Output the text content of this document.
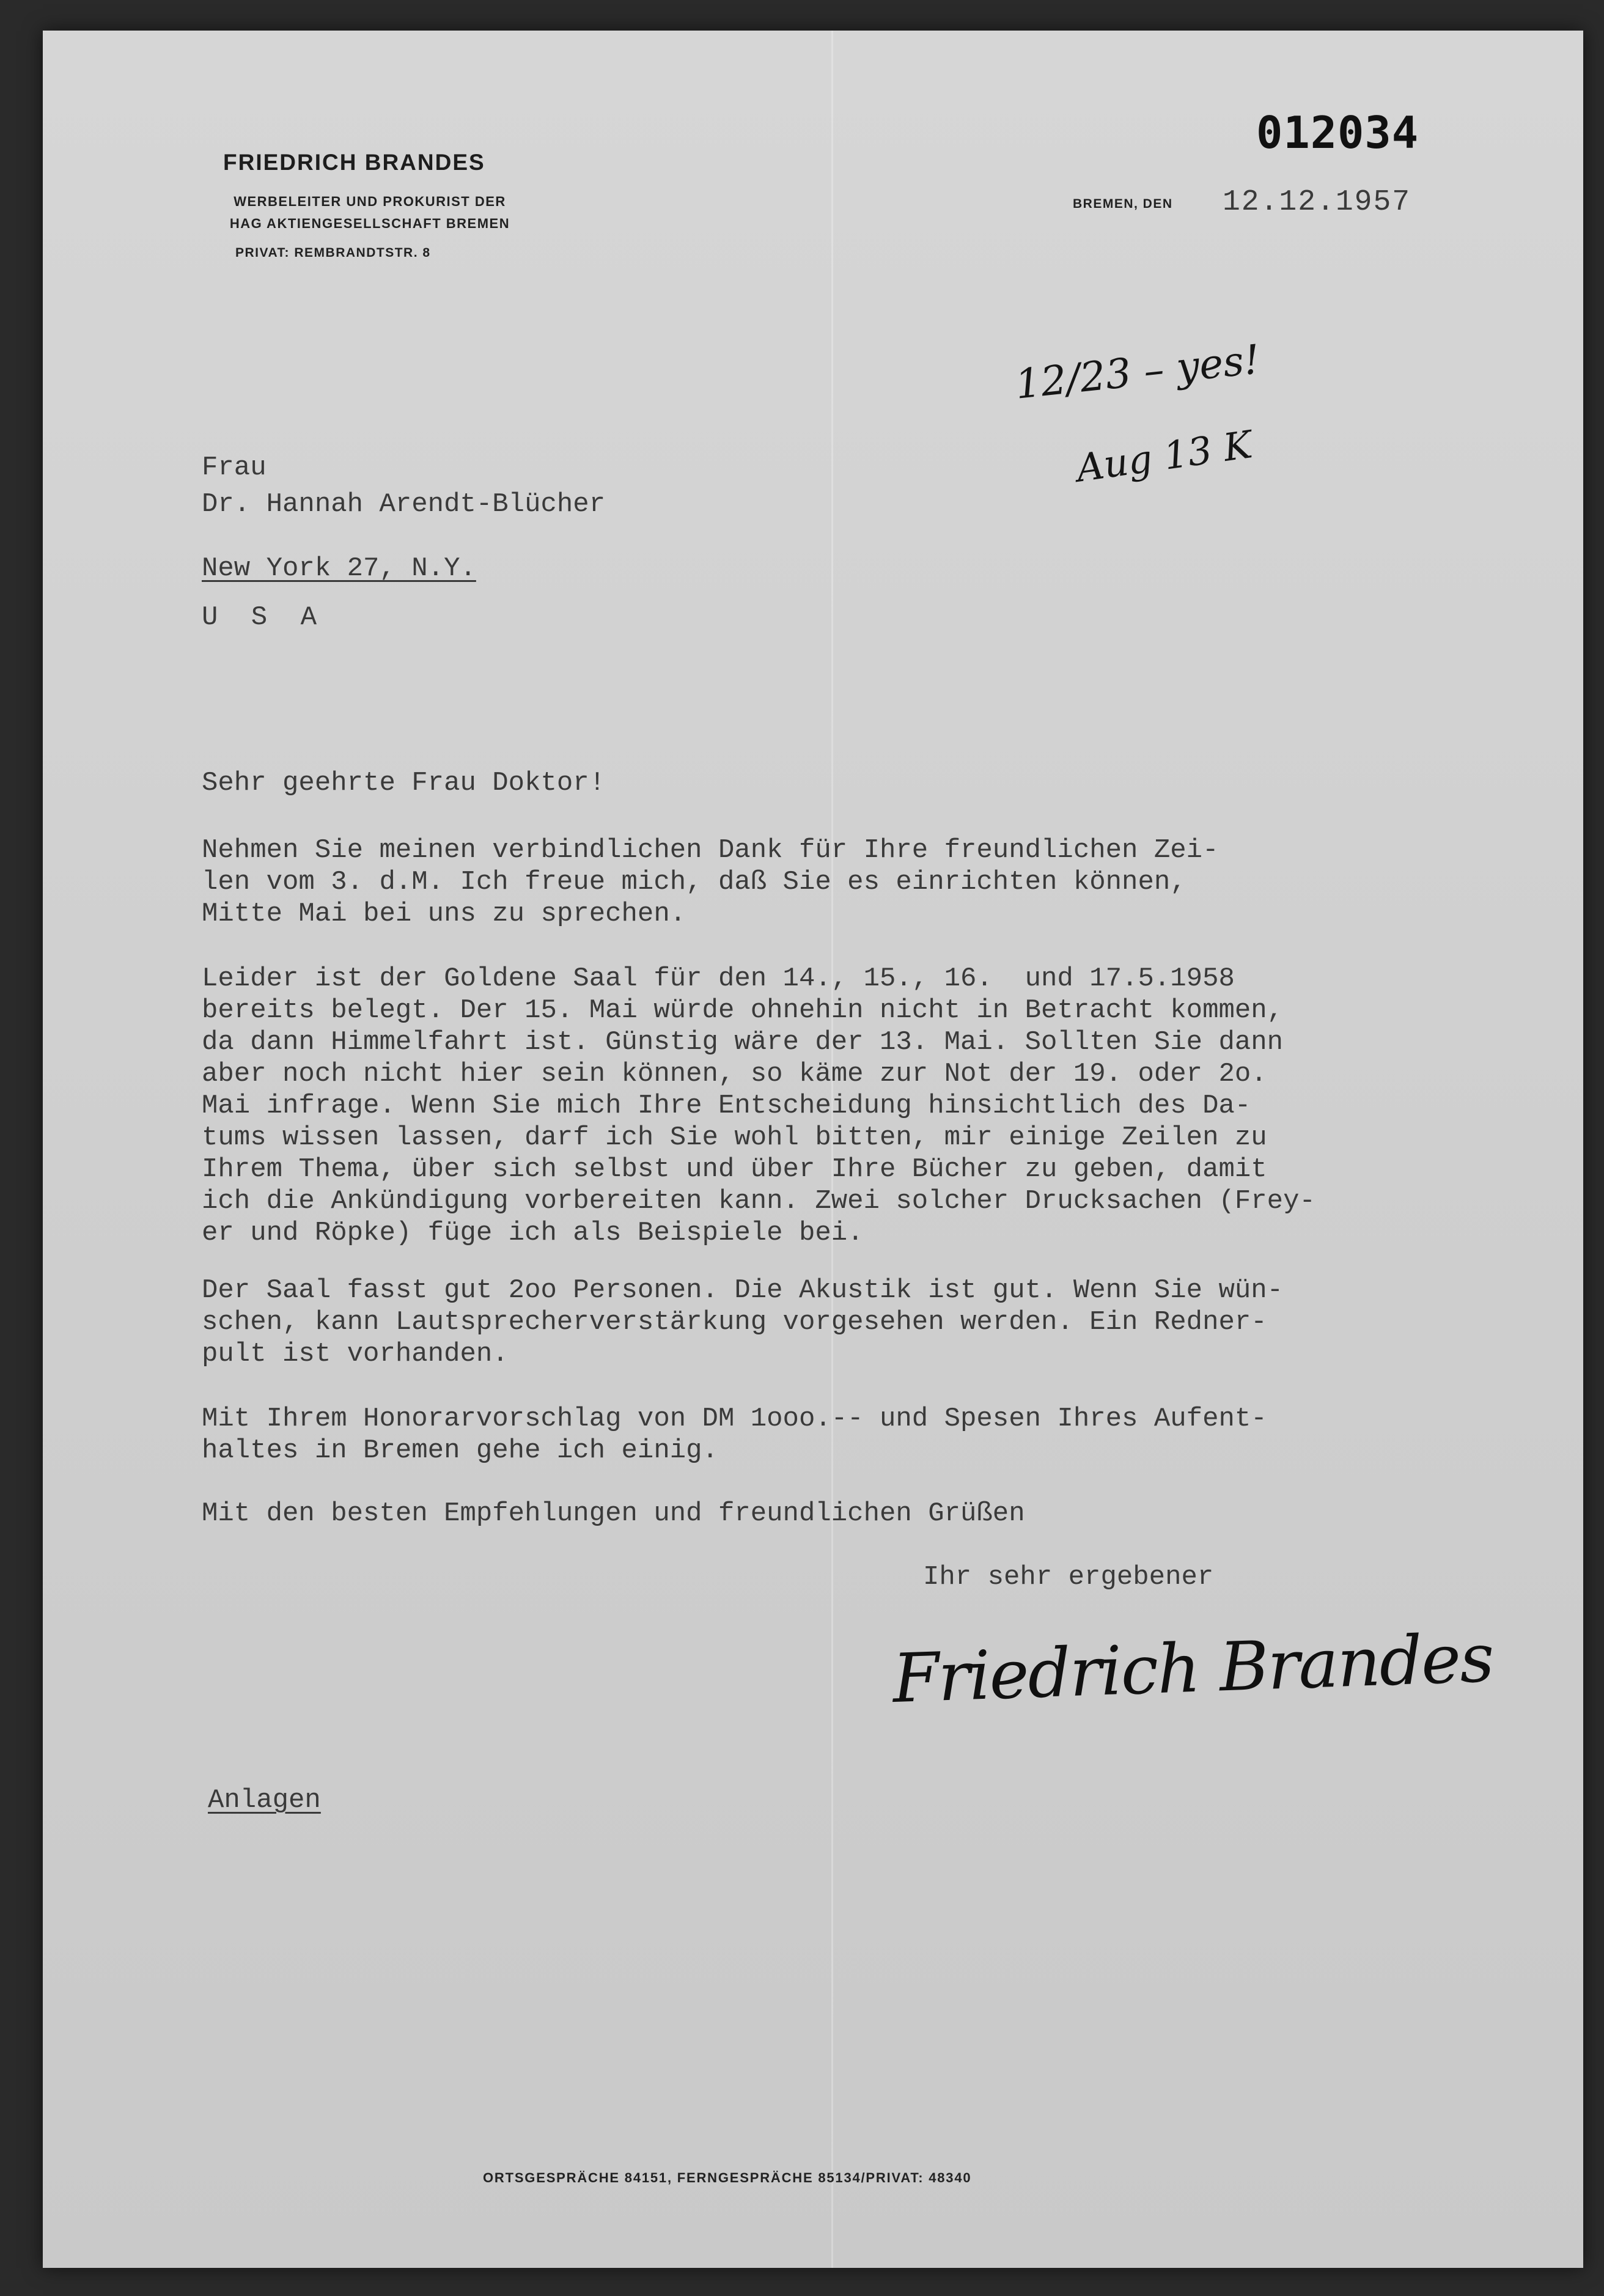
FRIEDRICH BRANDES
WERBELEITER UND PROKURIST DER
HAG AKTIENGESELLSCHAFT BREMEN
PRIVAT: REMBRANDTSTR. 8
012034
BREMEN, DEN 12.12.1957
12/23 – yes!
Aug 13 K
Frau
Dr. Hannah Arendt-Blücher
New York 27, N.Y.
U S A
Sehr geehrte Frau Doktor!
Nehmen Sie meinen verbindlichen Dank für Ihre freundlichen Zei-
len vom 3. d.M. Ich freue mich, daß Sie es einrichten können,
Mitte Mai bei uns zu sprechen.
Leider ist der Goldene Saal für den 14., 15., 16.  und 17.5.1958
bereits belegt. Der 15. Mai würde ohnehin nicht in Betracht kommen,
da dann Himmelfahrt ist. Günstig wäre der 13. Mai. Sollten Sie dann
aber noch nicht hier sein können, so käme zur Not der 19. oder 2o.
Mai infrage. Wenn Sie mich Ihre Entscheidung hinsichtlich des Da-
tums wissen lassen, darf ich Sie wohl bitten, mir einige Zeilen zu
Ihrem Thema, über sich selbst und über Ihre Bücher zu geben, damit
ich die Ankündigung vorbereiten kann. Zwei solcher Drucksachen (Frey-
er und Röpke) füge ich als Beispiele bei.
Der Saal fasst gut 2oo Personen. Die Akustik ist gut. Wenn Sie wün-
schen, kann Lautsprecherverstärkung vorgesehen werden. Ein Redner-
pult ist vorhanden.
Mit Ihrem Honorarvorschlag von DM 1ooo.-- und Spesen Ihres Aufent-
haltes in Bremen gehe ich einig.
Mit den besten Empfehlungen und freundlichen Grüßen
Ihr sehr ergebener
Friedrich Brandes
Anlagen
ORTSGESPRÄCHE 84151, FERNGESPRÄCHE 85134/PRIVAT: 48340
